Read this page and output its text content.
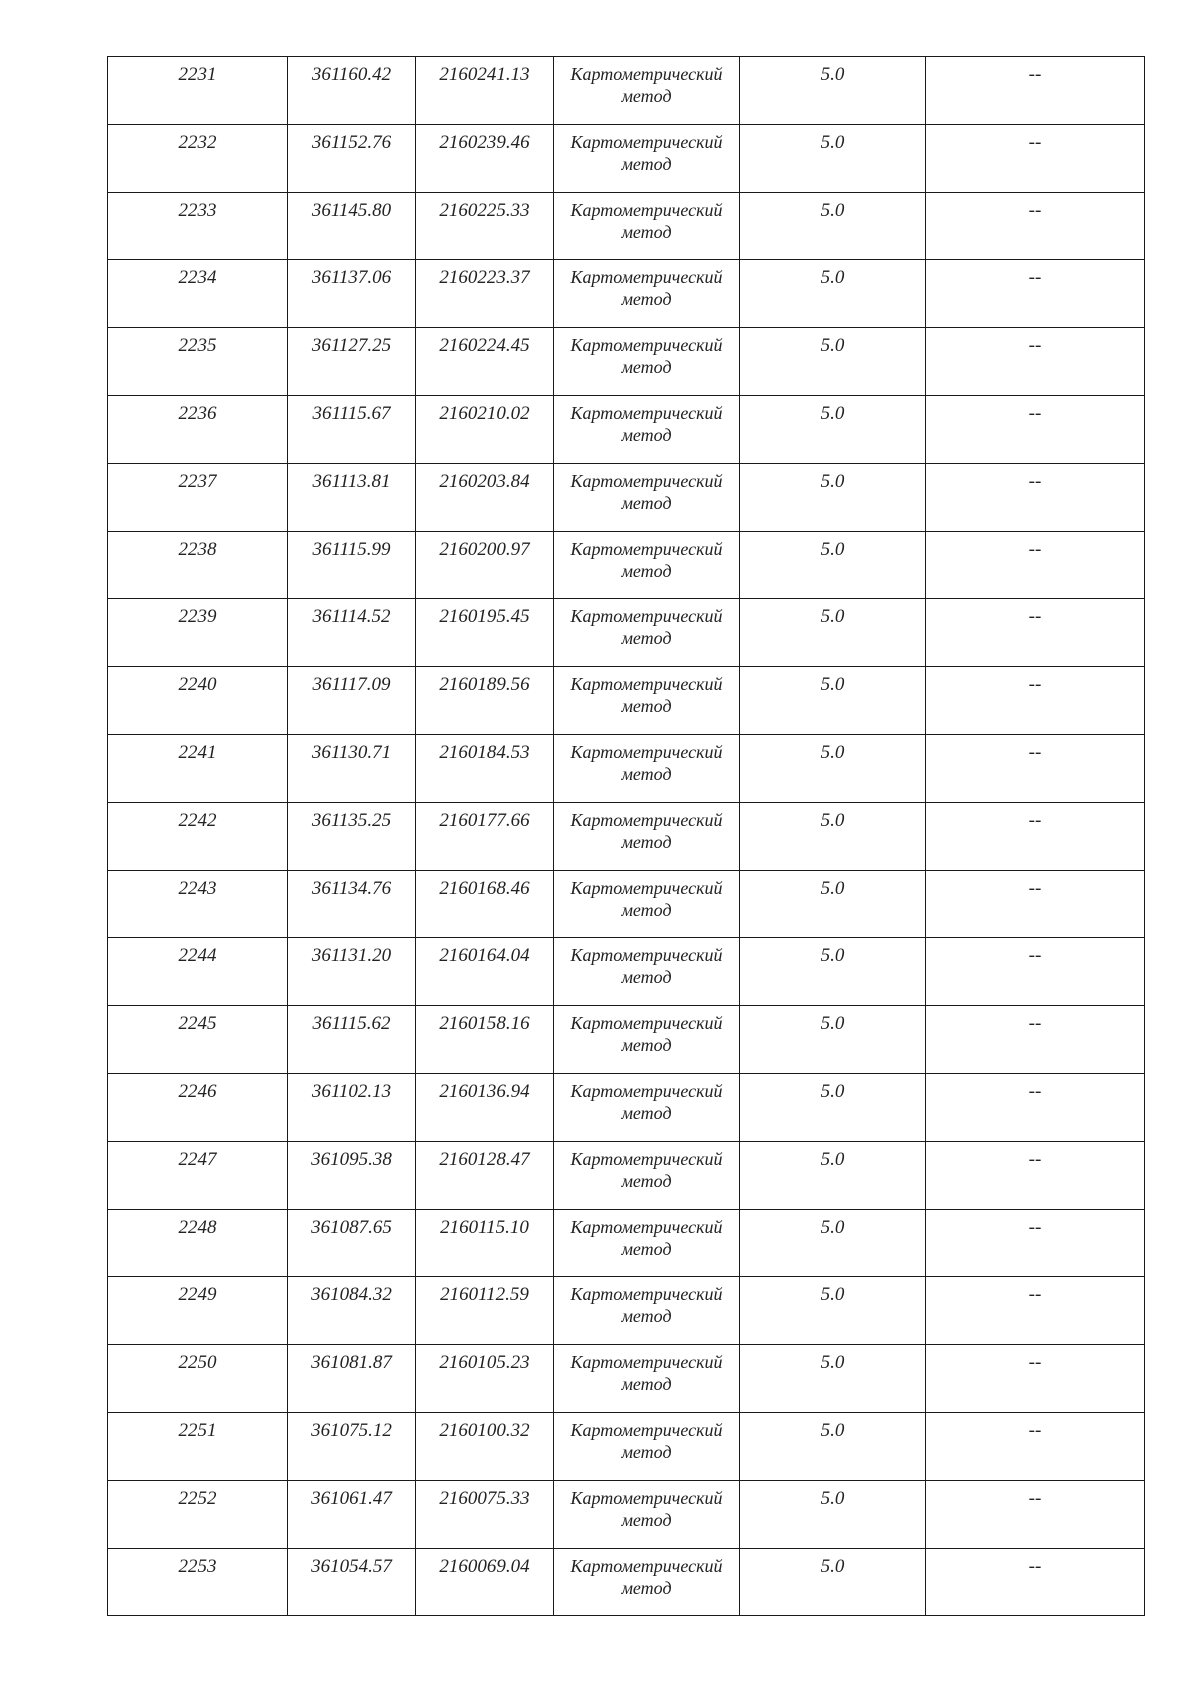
2231	361160.42	2160241.13	Картометрический метод	5.0	--
2232	361152.76	2160239.46	Картометрический метод	5.0	--
2233	361145.80	2160225.33	Картометрический метод	5.0	--
2234	361137.06	2160223.37	Картометрический метод	5.0	--
2235	361127.25	2160224.45	Картометрический метод	5.0	--
2236	361115.67	2160210.02	Картометрический метод	5.0	--
2237	361113.81	2160203.84	Картометрический метод	5.0	--
2238	361115.99	2160200.97	Картометрический метод	5.0	--
2239	361114.52	2160195.45	Картометрический метод	5.0	--
2240	361117.09	2160189.56	Картометрический метод	5.0	--
2241	361130.71	2160184.53	Картометрический метод	5.0	--
2242	361135.25	2160177.66	Картометрический метод	5.0	--
2243	361134.76	2160168.46	Картометрический метод	5.0	--
2244	361131.20	2160164.04	Картометрический метод	5.0	--
2245	361115.62	2160158.16	Картометрический метод	5.0	--
2246	361102.13	2160136.94	Картометрический метод	5.0	--
2247	361095.38	2160128.47	Картометрический метод	5.0	--
2248	361087.65	2160115.10	Картометрический метод	5.0	--
2249	361084.32	2160112.59	Картометрический метод	5.0	--
2250	361081.87	2160105.23	Картометрический метод	5.0	--
2251	361075.12	2160100.32	Картометрический метод	5.0	--
2252	361061.47	2160075.33	Картометрический метод	5.0	--
2253	361054.57	2160069.04	Картометрический метод	5.0	--
